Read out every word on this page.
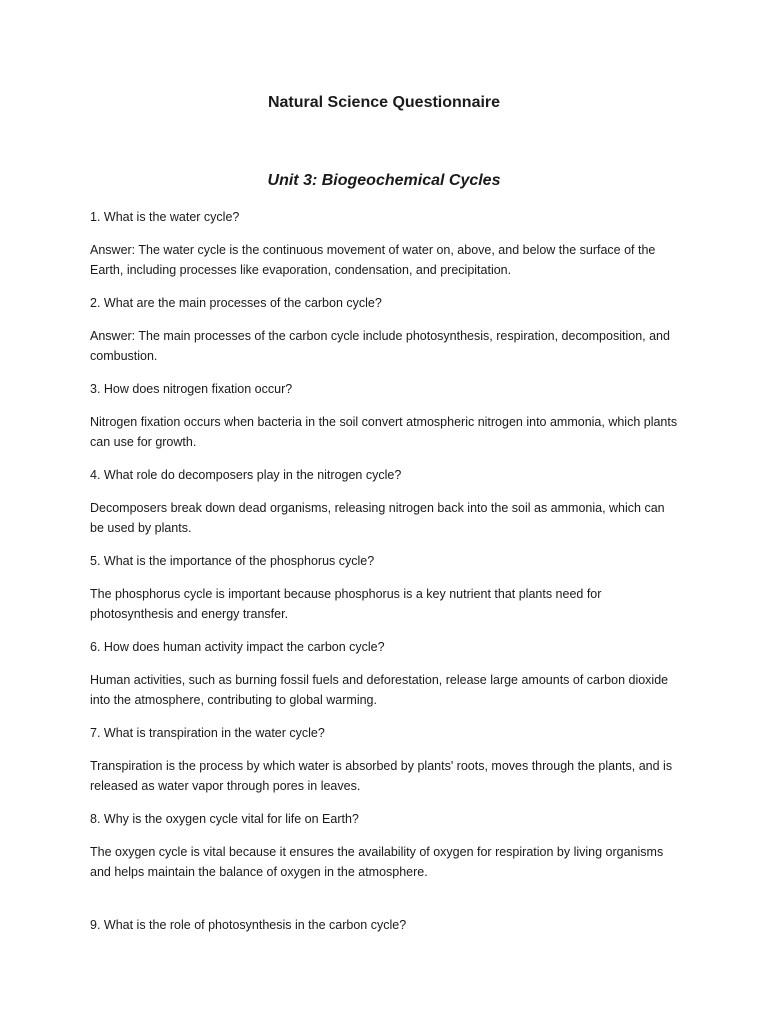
Natural Science Questionnaire
Unit 3: Biogeochemical Cycles

1. What is the water cycle?

Answer: The water cycle is the continuous movement of water on, above, and below the surface of the Earth, including processes like evaporation, condensation, and precipitation.

2. What are the main processes of the carbon cycle?

Answer: The main processes of the carbon cycle include photosynthesis, respiration, decomposition, and combustion.

3. How does nitrogen fixation occur?

Nitrogen fixation occurs when bacteria in the soil convert atmospheric nitrogen into ammonia, which plants can use for growth.

4. What role do decomposers play in the nitrogen cycle?

Decomposers break down dead organisms, releasing nitrogen back into the soil as ammonia, which can be used by plants.

5. What is the importance of the phosphorus cycle?

The phosphorus cycle is important because phosphorus is a key nutrient that plants need for photosynthesis and energy transfer.

6. How does human activity impact the carbon cycle?

Human activities, such as burning fossil fuels and deforestation, release large amounts of carbon dioxide into the atmosphere, contributing to global warming.

7. What is transpiration in the water cycle?

Transpiration is the process by which water is absorbed by plants' roots, moves through the plants, and is released as water vapor through pores in leaves.

8. Why is the oxygen cycle vital for life on Earth?

The oxygen cycle is vital because it ensures the availability of oxygen for respiration by living organisms and helps maintain the balance of oxygen in the atmosphere.

9. What is the role of photosynthesis in the carbon cycle?
